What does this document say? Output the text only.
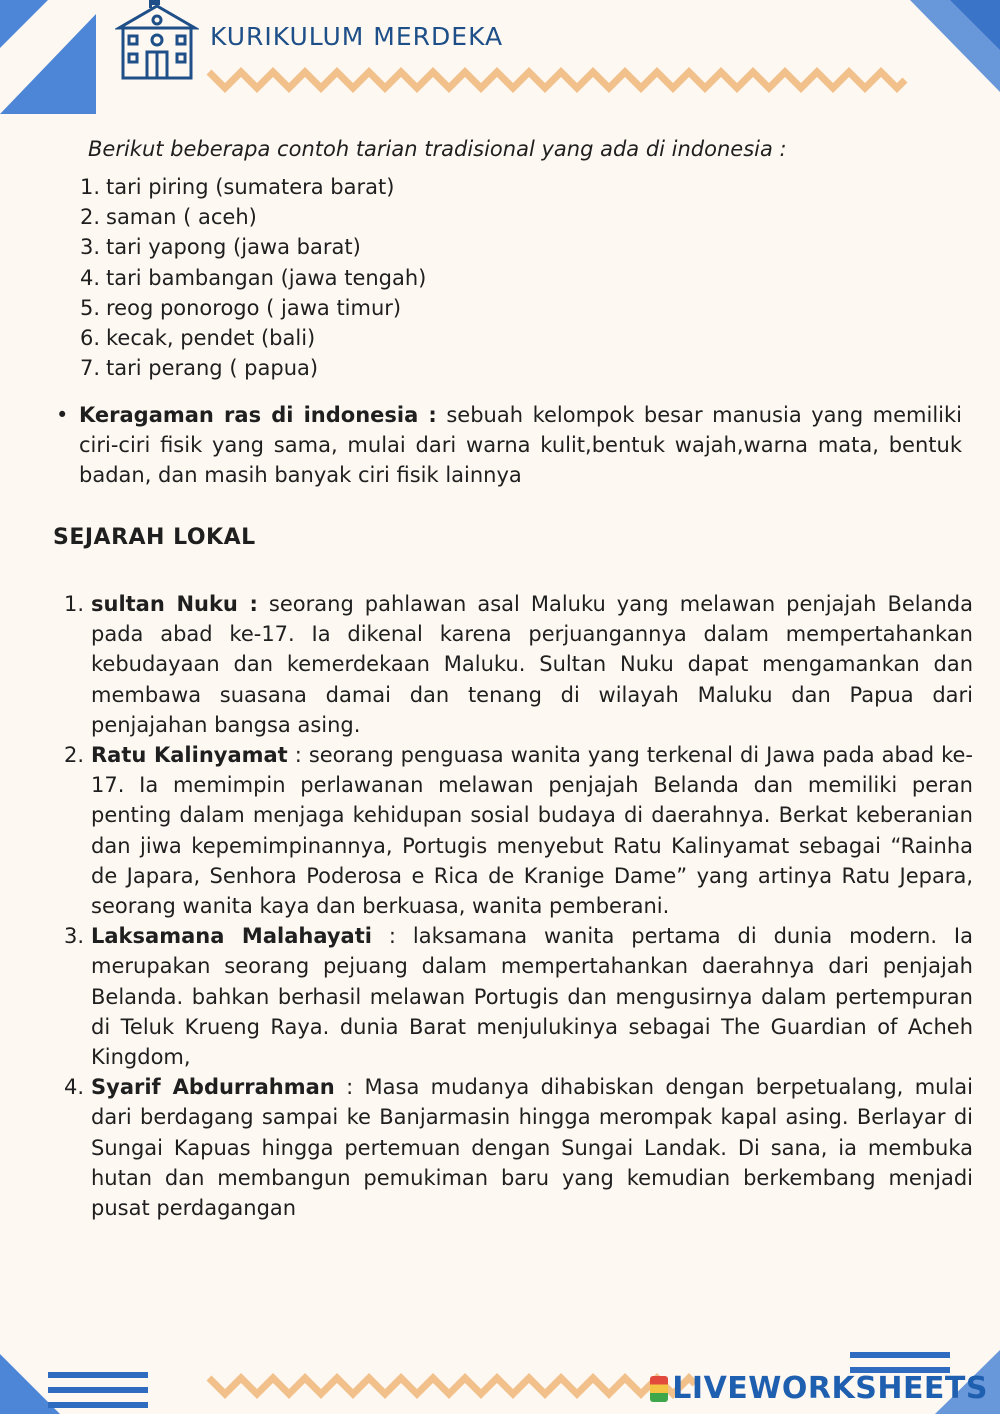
KURIKULUM MERDEKA
Berikut beberapa contoh tarian tradisional yang ada di indonesia :
1. tari piring (sumatera barat)
2. saman ( aceh)
3. tari yapong (jawa barat)
4. tari bambangan (jawa tengah)
5. reog ponorogo ( jawa timur)
6. kecak, pendet (bali)
7. tari perang ( papua)
• Keragaman ras di indonesia : sebuah kelompok besar manusia yang memiliki ciri-ciri fisik yang sama, mulai dari warna kulit,bentuk wajah,warna mata, bentuk badan, dan masih banyak ciri fisik lainnya
SEJARAH LOKAL
1. sultan Nuku : seorang pahlawan asal Maluku yang melawan penjajah Belanda pada abad ke-17. Ia dikenal karena perjuangannya dalam mempertahankan kebudayaan dan kemerdekaan Maluku. Sultan Nuku dapat mengamankan dan membawa suasana damai dan tenang di wilayah Maluku dan Papua dari penjajahan bangsa asing.
2. Ratu Kalinyamat : seorang penguasa wanita yang terkenal di Jawa pada abad ke-17. Ia memimpin perlawanan melawan penjajah Belanda dan memiliki peran penting dalam menjaga kehidupan sosial budaya di daerahnya. Berkat keberanian dan jiwa kepemimpinannya, Portugis menyebut Ratu Kalinyamat sebagai “Rainha de Japara, Senhora Poderosa e Rica de Kranige Dame” yang artinya Ratu Jepara, seorang wanita kaya dan berkuasa, wanita pemberani.
3. Laksamana Malahayati : laksamana wanita pertama di dunia modern. Ia merupakan seorang pejuang dalam mempertahankan daerahnya dari penjajah Belanda. bahkan berhasil melawan Portugis dan mengusirnya dalam pertempuran di Teluk Krueng Raya. dunia Barat menjulukinya sebagai The Guardian of Acheh Kingdom,
4. Syarif Abdurrahman : Masa mudanya dihabiskan dengan berpetualang, mulai dari berdagang sampai ke Banjarmasin hingga merompak kapal asing. Berlayar di Sungai Kapuas hingga pertemuan dengan Sungai Landak. Di sana, ia membuka hutan dan membangun pemukiman baru yang kemudian berkembang menjadi pusat perdagangan
LIVEWORKSHEETS
